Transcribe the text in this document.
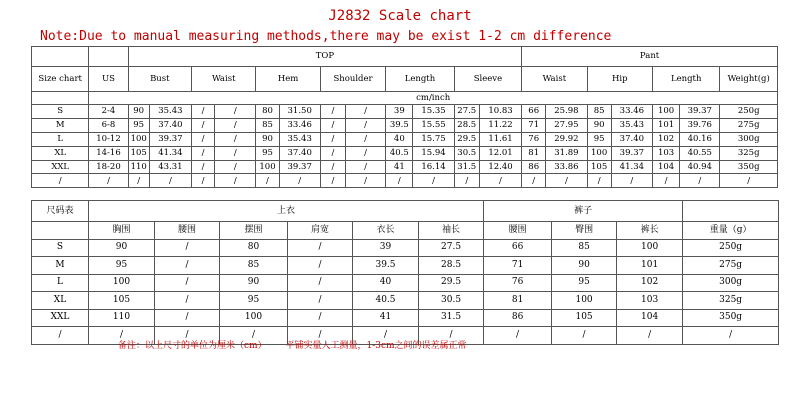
J2832 Scale chart
Note:Due to manual measuring methods,there may be exist 1-2 cm difference
		TOP												Pant						
Size chart	US	Bust		Waist		Hem		Shoulder		Length		Sleeve		Waist		Hip		Length		Weight(g)
	cm/inch																			
S	2-4	90	35.43	/	/	80	31.50	/	/	39	15.35	27.5	10.83	66	25.98	85	33.46	100	39.37	250g
M	6-8	95	37.40	/	/	85	33.46	/	/	39.5	15.55	28.5	11.22	71	27.95	90	35.43	101	39.76	275g
L	10-12	100	39.37	/	/	90	35.43	/	/	40	15.75	29.5	11.61	76	29.92	95	37.40	102	40.16	300g
XL	14-16	105	41.34	/	/	95	37.40	/	/	40.5	15.94	30.5	12.01	81	31.89	100	39.37	103	40.55	325g
XXL	18-20	110	43.31	/	/	100	39.37	/	/	41	16.14	31.5	12.40	86	33.86	105	41.34	104	40.94	350g
/	/	/	/	/	/	/	/	/	/	/	/	/	/	/	/	/	/	/	/	/
尺码表	上衣						裤子			
	胸围	腰围	摆围	肩宽	衣长	袖长	腰围	臀围	裤长	重量（g）
S	90	/	80	/	39	27.5	66	85	100	250g
M	95	/	85	/	39.5	28.5	71	90	101	275g
L	100	/	90	/	40	29.5	76	95	102	300g
XL	105	/	95	/	40.5	30.5	81	100	103	325g
XXL	110	/	100	/	41	31.5	86	105	104	350g
/	/	/	/	/	/	/	/	/	/	/
备注：以上尺寸的单位为厘米（cm） 平铺实量人工测量，1-3cm之间的误差属正常
